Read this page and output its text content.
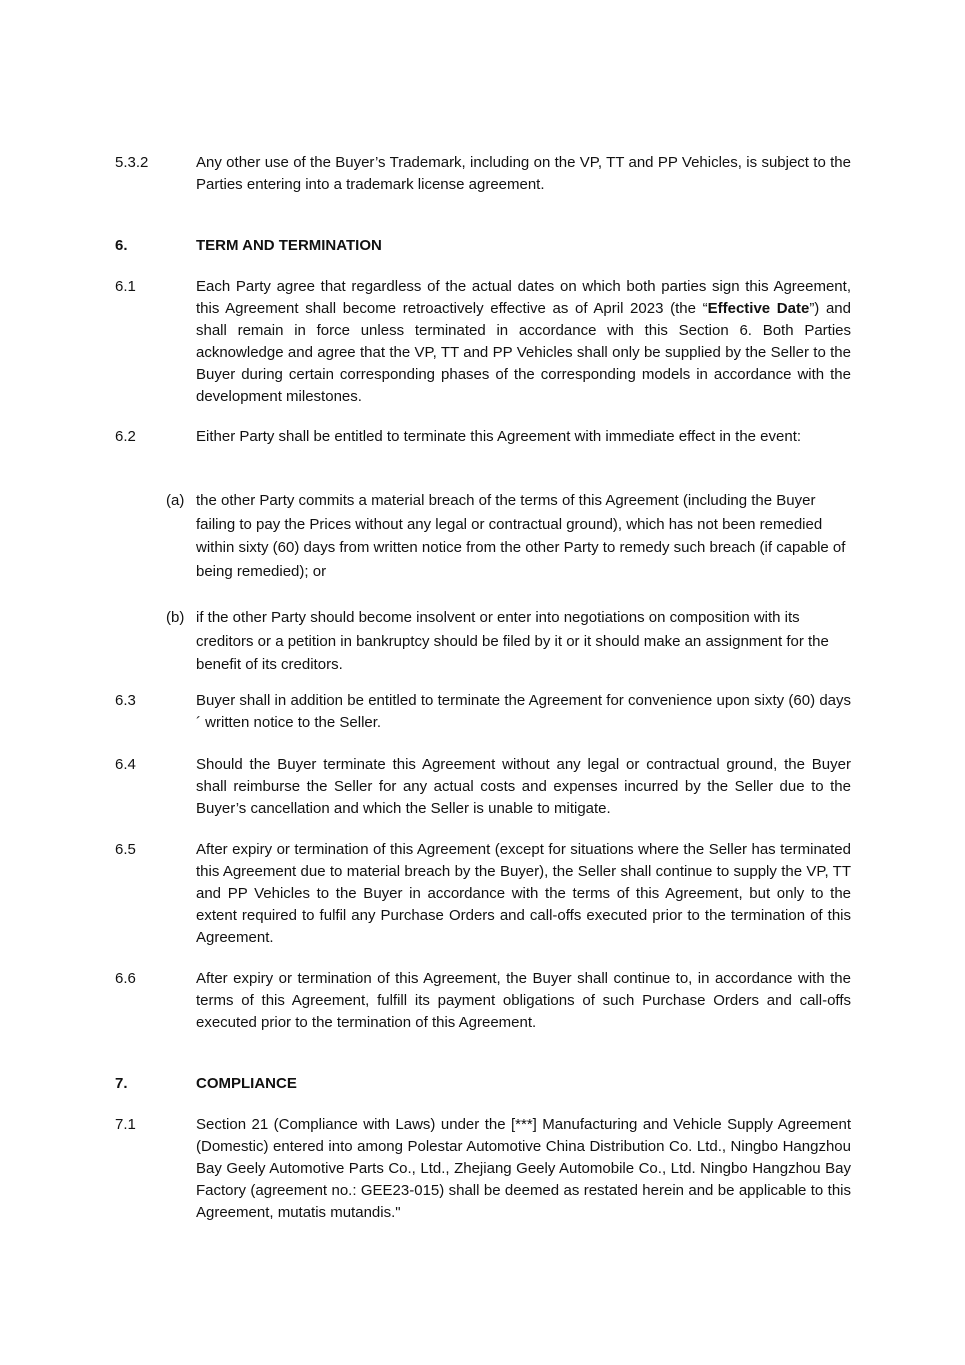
5.3.2	Any other use of the Buyer’s Trademark, including on the VP, TT and PP Vehicles, is subject to the Parties entering into a trademark license agreement.
6.	TERM AND TERMINATION
6.1	Each Party agree that regardless of the actual dates on which both parties sign this Agreement, this Agreement shall become retroactively effective as of April 2023 (the “Effective Date”) and shall remain in force unless terminated in accordance with this Section 6. Both Parties acknowledge and agree that the VP, TT and PP Vehicles shall only be supplied by the Seller to the Buyer during certain corresponding phases of the corresponding models in accordance with the development milestones.
6.2	Either Party shall be entitled to terminate this Agreement with immediate effect in the event:
(a) the other Party commits a material breach of the terms of this Agreement (including the Buyer failing to pay the Prices without any legal or contractual ground), which has not been remedied within sixty (60) days from written notice from the other Party to remedy such breach (if capable of being remedied); or
(b) if the other Party should become insolvent or enter into negotiations on composition with its creditors or a petition in bankruptcy should be filed by it or it should make an assignment for the benefit of its creditors.
6.3	Buyer shall in addition be entitled to terminate the Agreement for convenience upon sixty (60) days´ written notice to the Seller.
6.4	Should the Buyer terminate this Agreement without any legal or contractual ground, the Buyer shall reimburse the Seller for any actual costs and expenses incurred by the Seller due to the Buyer’s cancellation and which the Seller is unable to mitigate.
6.5	After expiry or termination of this Agreement (except for situations where the Seller has terminated this Agreement due to material breach by the Buyer), the Seller shall continue to supply the VP, TT and PP Vehicles to the Buyer in accordance with the terms of this Agreement, but only to the extent required to fulfil any Purchase Orders and call-offs executed prior to the termination of this Agreement.
6.6	After expiry or termination of this Agreement, the Buyer shall continue to, in accordance with the terms of this Agreement, fulfill its payment obligations of such Purchase Orders and call-offs executed prior to the termination of this Agreement.
7.	COMPLIANCE
7.1	Section 21 (Compliance with Laws) under the [***] Manufacturing and Vehicle Supply Agreement (Domestic) entered into among Polestar Automotive China Distribution Co. Ltd., Ningbo Hangzhou Bay Geely Automotive Parts Co., Ltd., Zhejiang Geely Automobile Co., Ltd. Ningbo Hangzhou Bay Factory (agreement no.: GEE23-015) shall be deemed as restated herein and be applicable to this Agreement, mutatis mutandis."
